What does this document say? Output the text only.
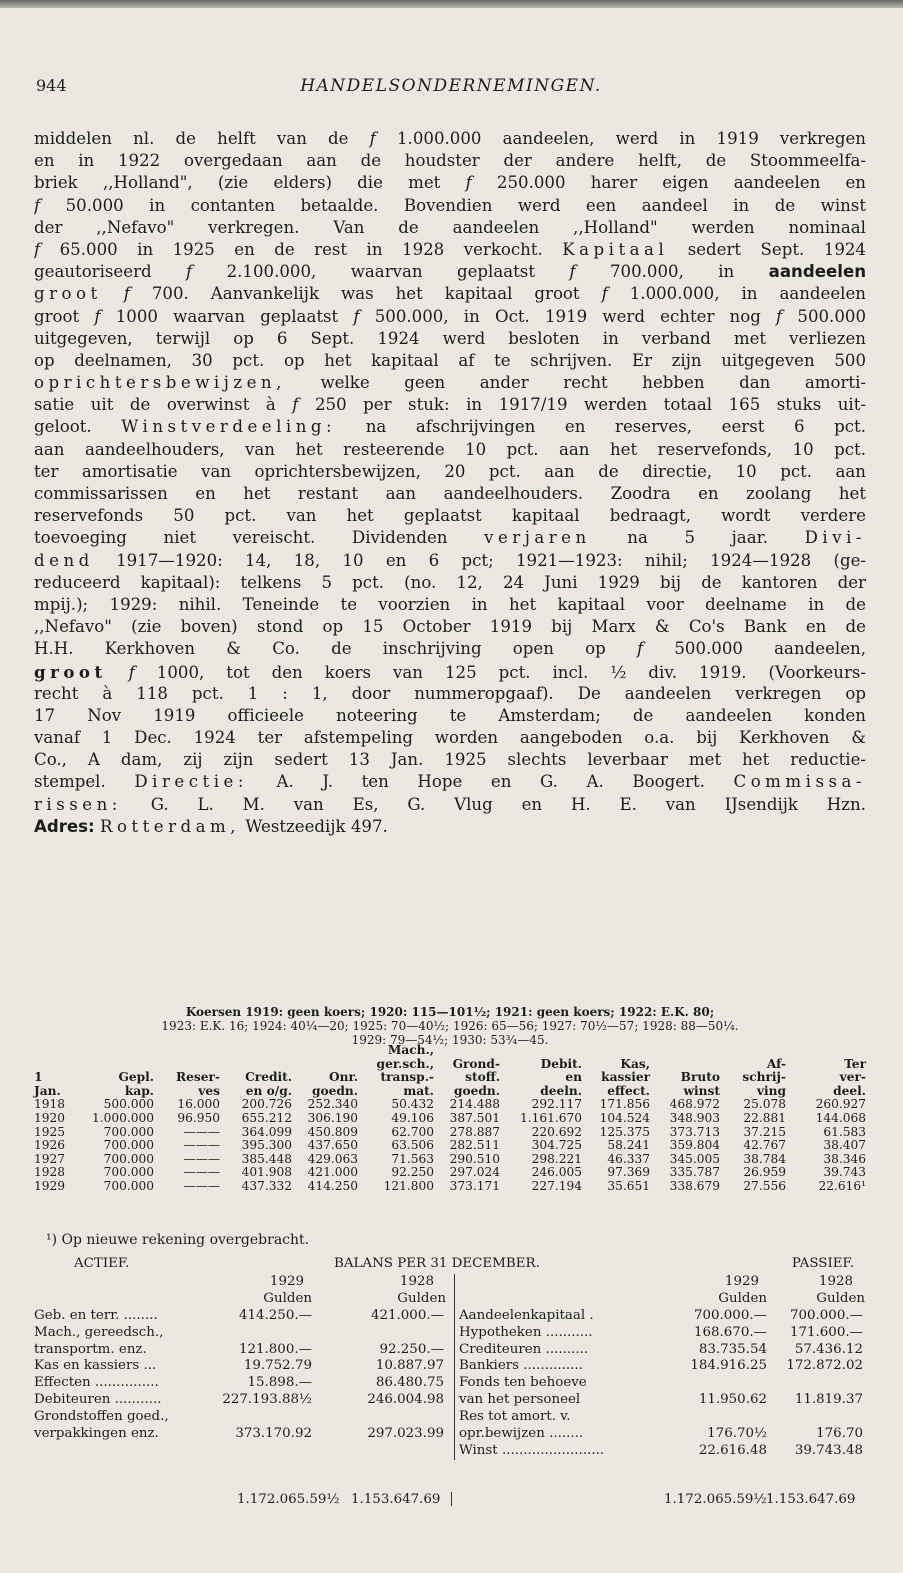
944	HANDELSONDERNEMINGEN.
middelen nl. de helft van de f 1.000.000 aandeelen, werd in 1919 verkregen
en in 1922 overgedaan aan de houdster der andere helft, de Stoommeelfa-
briek ,,Holland", (zie elders) die met f 250.000 harer eigen aandeelen en
f 50.000 in contanten betaalde. Bovendien werd een aandeel in de winst
der ,,Nefavo" verkregen. Van de aandeelen ,,Holland" werden nominaal
f 65.000 in 1925 en de rest in 1928 verkocht. Kapitaal sedert Sept. 1924
geautoriseerd f 2.100.000, waarvan geplaatst f 700.000, in aandeelen
groot f 700. Aanvankelijk was het kapitaal groot f 1.000.000, in aandeelen
groot f 1000 waarvan geplaatst f 500.000, in Oct. 1919 werd echter nog f 500.000
uitgegeven, terwijl op 6 Sept. 1924 werd besloten in verband met verliezen
op deelnamen, 30 pct. op het kapitaal af te schrijven. Er zijn uitgegeven 500
oprichtersbewijzen, welke geen ander recht hebben dan amorti-
satie uit de overwinst à f 250 per stuk: in 1917/19 werden totaal 165 stuks uit-
geloot. Winstverdeeling: na afschrijvingen en reserves, eerst 6 pct.
aan aandeelhouders, van het resteerende 10 pct. aan het reservefonds, 10 pct.
ter amortisatie van oprichtersbewijzen, 20 pct. aan de directie, 10 pct. aan
commissarissen en het restant aan aandeelhouders. Zoodra en zoolang het
reservefonds 50 pct. van het geplaatst kapitaal bedraagt, wordt verdere
toevoeging niet vereischt. Dividenden verjaren na 5 jaar. Divi-
dend 1917—1920: 14, 18, 10 en 6 pct; 1921—1923: nihil; 1924—1928 (ge-
reduceerd kapitaal): telkens 5 pct. (no. 12, 24 Juni 1929 bij de kantoren der
mpij.); 1929: nihil. Teneinde te voorzien in het kapitaal voor deelname in de
,,Nefavo" (zie boven) stond op 15 October 1919 bij Marx & Co's Bank en de
H.H. Kerkhoven & Co. de inschrijving open op f 500.000 aandeelen,
groot f 1000, tot den koers van 125 pct. incl. ½ div. 1919. (Voorkeurs-
recht à 118 pct. 1 : 1, door nummeropgaaf). De aandeelen verkregen op
17 Nov 1919 officieele noteering te Amsterdam; de aandeelen konden
vanaf 1 Dec. 1924 ter afstempeling worden aangeboden o.a. bij Kerkhoven &
Co., A dam, zij zijn sedert 13 Jan. 1925 slechts leverbaar met het reductie-
stempel. Directie: A. J. ten Hope en G. A. Boogert. Commissa-
rissen: G. L. M. van Es, G. Vlug en H. E. van IJsendijk Hzn.
Adres: Rotterdam, Westzeedijk 497.
Koersen 1919: geen koers; 1920: 115—101½; 1921: geen koers; 1922: E.K. 80;
1923: E.K. 16; 1924: 40¼—20; 1925: 70—40½; 1926: 65—56; 1927: 70½—57; 1928: 88—50¼.
1929: 79—54½; 1930: 53¾—45.
					Mach.,						
					ger.sch.,	Grond-	Debit.	Kas,		Af-	Ter
1	Gepl.	Reser-	Credit.	Onr.	transp.-	stoff.	en	kassier	Bruto	schrij-	ver-
Jan.	kap.	ves	en o/g.	goedn.	mat.	goedn.	deeln.	effect.	winst	ving	deel.
1918	500.000	16.000	200.726	252.340	50.432	214.488	292.117	171.856	468.972	25.078	260.927
1920	1.000.000	96.950	655.212	306.190	49.106	387.501	1.161.670	104.524	348.903	22.881	144.068
1925	700.000	———	364.099	450.809	62.700	278.887	220.692	125.375	373.713	37.215	61.583
1926	700.000	———	395.300	437.650	63.506	282.511	304.725	58.241	359.804	42.767	38.407
1927	700.000	———	385.448	429.063	71.563	290.510	298.221	46.337	345.005	38.784	38.346
1928	700.000	———	401.908	421.000	92.250	297.024	246.005	97.369	335.787	26.959	39.743
1929	700.000	———	437.332	414.250	121.800	373.171	227.194	35.651	338.679	27.556	22.616¹
¹) Op nieuwe rekening overgebracht.
ACTIEF.	BALANS PER 31 DECEMBER.	PASSIEF.
1929	1928
Gulden	Gulden
Geb. en terr. ........	414.250.—	421.000.—
Mach., gereedsch.,
transportm. enz.	121.800.—	92.250.—
Kas en kassiers ...	19.752.79	10.887.97
Effecten ...............	15.898.—	86.480.75
Debiteuren ...........	227.193.88½	246.004.98
Grondstoffen goed.,
verpakkingen enz.	373.170.92	297.023.99
1929	1928
Gulden	Gulden
Aandeelenkapitaal .	700.000.— 700.000.—
Hypotheken ...........	168.670.— 171.600.—
Crediteuren ..........	83.735.54 57.436.12
Bankiers ..............	184.916.25 172.872.02
Fonds ten behoeve
van het personeel	11.950.62 11.819.37
Res tot amort. v.
opr.bewijzen ........	176.70½	176.70
Winst ........................	22.616.48 39.743.48
1.172.065.59½ 1.153.647.69	1.172.065.59½ 1.153.647.69
